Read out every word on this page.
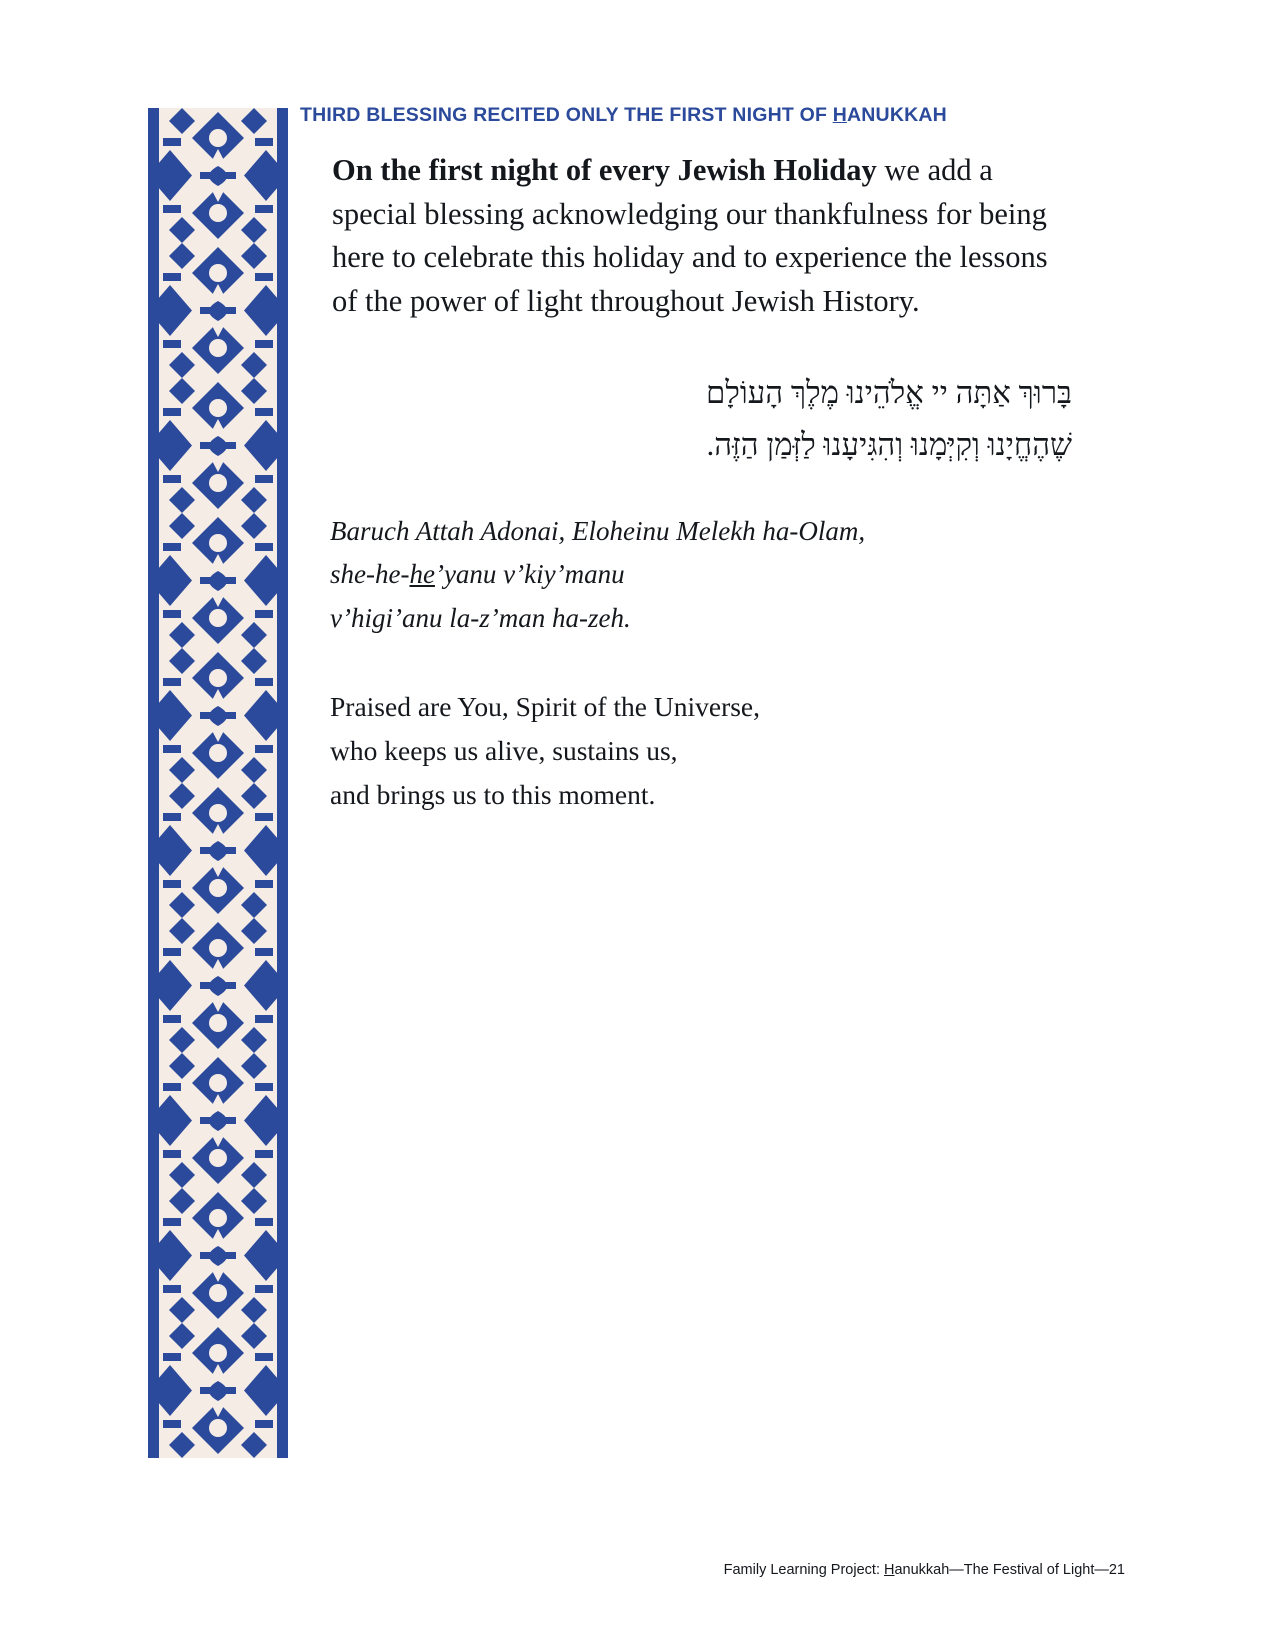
THIRD BLESSING RECITED ONLY THE FIRST NIGHT OF HANUKKAH

On the first night of every Jewish Holiday we add a special blessing acknowledging our thankfulness for being here to celebrate this holiday and to experience the lessons of the power of light throughout Jewish History.

בָּרוּךְ אַתָּה יי אֱלֹהֵינוּ מֶלֶךְ הָעוֹלָם
שֶׁהֶחֱיָנוּ וְקִיְּמָנוּ וְהִגִּיעָנוּ לַזְּמַן הַזֶּה.
Baruch Attah Adonai, Eloheinu Melekh ha-Olam,
she-he-he’yanu v’kiy’manu
v’higi’anu la-z’man ha-zeh.
Praised are You, Spirit of the Universe,
who keeps us alive, sustains us,
and brings us to this moment.
Family Learning Project: Hanukkah—The Festival of Light—21
